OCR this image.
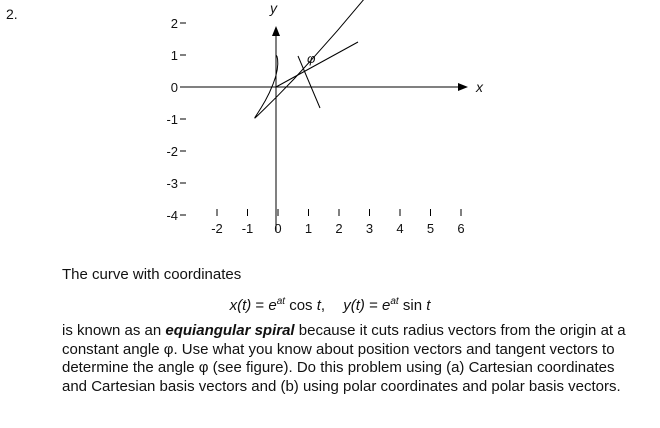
2.
x
y
-2 -1 0 1 2 3 4 5 6
2
1
0
-1
-2
-3
-4
φ
The curve with coordinates
$x(t) = e^{at}$ cos t, $y(t) = e^{at}$ sin t
is known as an equiangular spiral because it cuts radius vectors from the origin at a constant angle φ. Use what you know about position vectors and tangent vectors to determine the angle φ (see figure). Do this problem using (a) Cartesian coordinates and Cartesian basis vectors and (b) using polar coordinates and polar basis vectors.
